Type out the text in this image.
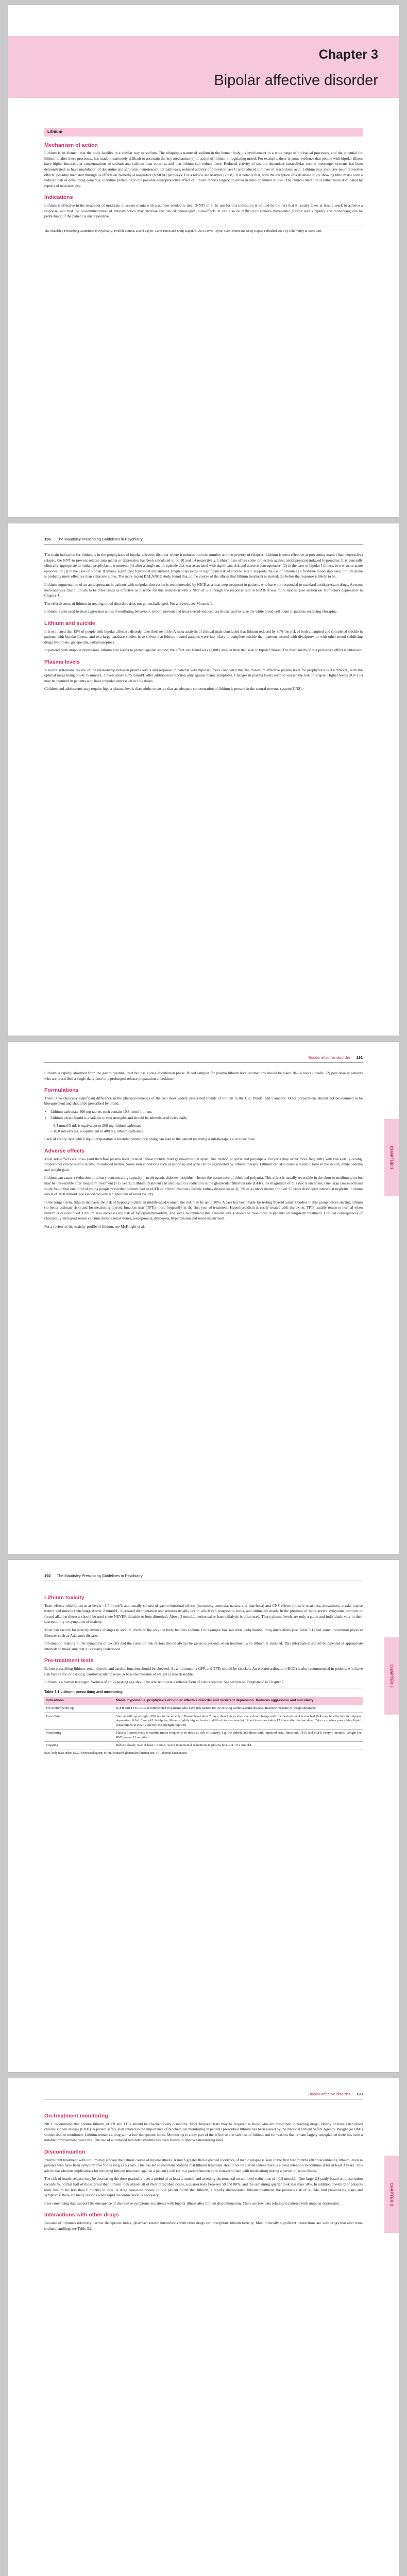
Chapter 3
Bipolar affective disorder
Lithium
Mechanism of action

Lithium is an element that the body handles in a similar way to sodium. The ubiquitous nature of sodium in the human body, its involvement in a wide range of biological processes, and the potential for lithium to alter these processes, has made it extremely difficult to ascertain the key mechanism(s) of action of lithium in regulating mood. For example, there is some evidence that people with bipolar illness have higher intracellular concentrations of sodium and calcium than controls, and that lithium can reduce these. Reduced activity of sodium-dependent intracellular second messenger systems has been demonstrated, as have modulation of dopamine and serotonin neurotransmitter pathways, reduced activity of protein kinase C and reduced turnover of arachidonic acid. Lithium may also have neuroprotective effects, possibly mediated through its effects on N-methyl-D-aspartate (NMDA) pathways. For a review see Marmol (2008). It is notable that, with the exception of a database study showing lithium use with a reduced risk of developing dementia, literature pertaining to the possible neuroprotective effect of lithium reports largely on either in vitro or animal studies. The clinical literature is rather more dominated by reports of neurotoxicity.

Indications

Lithium is effective in the treatment of moderate to severe mania with a number needed to treat (NNT) of 6. Its use for this indication is limited by the fact that it usually takes at least a week to achieve a response, and that the co-administration of antipsychotics may increase the risk of neurological side-effects. It can also be difficult to achieve therapeutic plasma levels rapidly and monitoring can be problematic if the patient is uncooperative.

The Maudsley Prescribing Guidelines in Psychiatry, Twelfth Edition. David Taylor, Carol Paton and Shitij Kapur. © 2015 David Taylor, Carol Paton and Shitij Kapur. Published 2015 by John Wiley & Sons, Ltd.
196 The Maudsley Prescribing Guidelines in Psychiatry

The main indication for lithium is in the prophylaxis of bipolar affective disorder where it reduces both the number and the severity of relapses. Lithium is most effective at preventing manic (than depressive) relapse, the NNT to prevent relapse into mania or depression has been calculated to be 10 and 14 respectively. Lithium also offers some protection against antidepressant-induced hypomania. It is generally clinically appropriate to initiate prophylactic treatment: (1) after a single manic episode that was associated with significant risk and adverse consequences; (2) in the case of bipolar I illness, two or more acute episodes; or (3) in the case of bipolar II illness, significant functional impairment, frequent episodes or significant risk of suicide. NICE supports the use of lithium as a first-line mood stabiliser; lithium alone is probably more effective than valproate alone. The more recent BALANCE study found that, in the course of the illness that lithium treatment is started, the better the response is likely to be.

Lithium augmentation of an antidepressant in patients with unipolar depression is recommended by NICE as a next-step treatment in patients who have not responded to standard antidepressant drugs. A recent meta-analysis found lithium to be three times as effective as placebo for this indication with a NNT of 5, although the response rate in STAR-D was more modest (see section on 'Refractory depression' in Chapter 4).

The effectiveness of lithium in treating mood disorders does not go unchallenged. For a review, see Moncrieff.

Lithium is also used to treat aggression and self-mutilating behaviour, to both prevent and treat steroid-induced psychosis, and to raise the white blood cell count in patients receiving clozapine.

Lithium and suicide

It is estimated that 15% of people with bipolar affective disorder take their own life. A meta-analysis of clinical trials concluded that lithium reduced by 80% the risk of both attempted and completed suicide in patients with bipolar illness, and two large database studies have shown that lithium-treated patients were less likely to complete suicide than patients treated with divalproex or with other mood stabilising drugs (valproate, gabapentin, carbamazepine).

In patients with unipolar depression, lithium also seems to protect against suicide; the effect size found was slightly smaller than that seen in bipolar illness. The mechanism of this protective effect is unknown.

Plasma levels

A recent systematic review of the relationship between plasma levels and response in patients with bipolar illness concluded that the minimum effective plasma level for prophylaxis is 0.4 mmol/L, with the optimal range being 0.6–0.75 mmol/L. Levels above 0.75 mmol/L offer additional protection only against manic symptoms. Changes in plasma levels seem to worsen the risk of relapse. Higher levels (0.8–1.0) may be required in patients who have unipolar depression or low doses.

Children and adolescents may require higher plasma levels than adults to ensure that an adequate concentration of lithium is present in the central nervous system (CNS).

Bipolar affective disorder 191
CHAPTER 3

Lithium is rapidly absorbed from the gastrointestinal tract but has a long distribution phase. Blood samples for plasma lithium level estimations should be taken 10–14 hours (ideally 12) post dose in patients who are prescribed a single daily dose of a prolonged-release preparation at bedtime.

Formulations

There is no clinically significant difference in the pharmacokinetics of the two most widely prescribed brands of lithium in the UK: Priadel and Camcolit. Other preparations should not be assumed to be bioequivalent and should be prescribed by brand.

• Lithium carbonate 400 mg tablets each contain 10.8 mmol lithium.
• Lithium citrate liquid is available in two strengths and should be administered twice daily:
– 5.4 mmol/5 mL is equivalent to 200 mg lithium carbonate
– 10.8 mmol/5 mL is equivalent to 400 mg lithium carbonate.

Lack of clarity over which liquid preparation is intended when prescribing can lead to the patient receiving a sub-therapeutic or toxic dose.

Adverse effects

Most side-effects are dose- (and therefore plasma level) related. These include mild gastro-intestinal upset, fine tremor, polyuria and polydipsia. Polyuria may occur more frequently with twice-daily dosing. Propranolol can be useful in lithium-induced tremor. Some skin conditions such as psoriasis and acne can be aggravated by lithium therapy. Lithium can also cause a metallic taste in the mouth, ankle oedema and weight gain.

Lithium can cause a reduction in urinary concentrating capacity – nephrogenic diabetes insipidus – hence the occurrence of thirst and polyuria. This effect is usually reversible in the short to medium term but may be irreversible after long-term treatment (>15 years). Lithium treatment can also lead to a reduction in the glomerular filtration rate (GFR); the magnitude of this risk is uncertain. One large cross-sectional study found that one third of young people prescribed lithium had an eGFR of <60 mL/minute (chronic kidney disease stage 3); 5% of a cohort treated for over 25 years developed interstitial nephritis. Lithium levels of ≥0.8 mmol/L are associated with a higher risk of renal toxicity.

In the longer term, lithium increases the risk of hypothyroidism; in middle-aged women, the risk may be up to 20%. A case has been made for testing thyroid autoantibodies in this group before starting lithium (to better estimate risk) and for measuring thyroid function tests (TFTs) more frequently in the first year of treatment. Hypothyroidism is easily treated with thyroxine. TFTs usually return to normal when lithium is discontinued. Lithium also increases the risk of hyperparathyroidism, and some recommend that calcium levels should be monitored in patients on long-term treatment. Clinical consequences of chronically increased serum calcium include renal stones, osteoporosis, dyspepsia, hypertension and renal impairment.

For a review of the toxicity profile of lithium, see McKnight et al.

192 The Maudsley Prescribing Guidelines in Psychiatry
CHAPTER 3
Lithium toxicity

Toxic effects reliably occur at levels >1.5 mmol/L and usually consist of gastro-intestinal effects (increasing anorexia, nausea and diarrhoea) and CNS effects (muscle weakness, drowsiness, ataxia, coarse tremor and muscle twitching). Above 2 mmol/L, increased disorientation and seizures usually occur, which can progress to coma, and ultimately death. In the presence of more severe symptoms, osmotic or forced alkaline diuresis should be used (note NEVER thiazide or loop diuretics). Above 3 mmol/L peritoneal or haemodialysis is often used. These plasma levels are only a guide and individuals vary in their susceptibility to symptoms of toxicity.

Most risk factors for toxicity involve changes in sodium levels or the way the body handles sodium. For example low salt diets, dehydration, drug interactions (see Table 3.1) and some uncommon physical illnesses such as Addison's disease.

Information relating to the symptoms of toxicity and the common risk factors should always be given to patients when treatment with lithium is initiated. This information should be repeated at appropriate intervals to make sure that it is clearly understood.

Pre-treatment tests

Before prescribing lithium, renal, thyroid and cardiac function should be checked. As a minimum, a GFR and TFTs should be checked. An electrocardiogram (ECG) is also recommended in patients who have risk factors for, or existing, cardiovascular disease. A baseline measure of weight is also desirable.

Lithium is a human teratogen. Women of child-bearing age should be advised to use a reliable form of contraception. See section on 'Pregnancy' in Chapter 7.

Table 3.1 Lithium: prescribing and monitoring
Indications	Mania, hypomania, prophylaxis of bipolar affective disorder and recurrent depression. Reduces aggression and suicidality
Pre-lithium work-up	eGFR and TFTs. ECG recommended in patients who have risk factors for, or existing cardiovascular disease. Baseline measure of weight desirable
Prescribing	Start at 400 mg at night (200 mg in the elderly). Plasma level after 7 days, then 7 days after every dose change until the desired level is reached (0.4 may be effective in unipolar depression, 0.6–1.0 mmol/L in bipolar illness, slightly higher levels in difficult to treat mania). Blood levels are taken 12 hours after the last dose. Take care when prescribing liquid preparations to clearly specify the strength required
Monitoring	Plasma lithium every 6 months (more frequently in those at risk of toxicity, e.g. the elderly and those with impaired renal function). TFTs and eGFR every 6 months. Weight (or BMI) every 12 months
Stopping	Reduce slowly over at least 1 month. Avoid incremental reductions in plasma levels of >0.2 mmol/L
BMI, body mass index; ECG, electrocardiogram; eGFR, estimated glomerular filtration rate; TFT, thyroid function test.
Bipolar affective disorder 193
CHAPTER 3
On-treatment monitoring

NICE recommend that plasma lithium, eGFR and TFTs should be checked every 6 months. More frequent tests may be required in those who are prescribed interacting drugs, elderly or have established chronic kidney disease (CKD). A patient safety alert related to the importance of biochemical monitoring in patients prescribed lithium has been issued by the National Patient Safety Agency. Weight (or BMI) should also be monitored. Lithium remains a drug with a low therapeutic index. Monitoring is a key part of the effective and safe use of lithium and for reasons that remain largely unexplained there has been a notable improvement over time. The use of automated reminder systems has been shown to improve monitoring rates.

Discontinuation

Intermittent treatment with lithium may worsen the natural course of bipolar illness. A much greater than expected incidence of manic relapse is seen in the first few months after discontinuing lithium, even in patients who have been symptom free for as long as 5 years. This has led to recommendations that lithium treatment should not be started unless there is a clear intention to continue it for at least 3 years. This advice has obvious implications for initiating lithium treatment against a patient's will (or in a patient known to be non-compliant with medication) during a period of acute illness.

The risk of manic relapse may be decreasing the dose gradually over a period of at least a month, and avoiding decremental serum level reductions of >0.2 mmol/L. One large US study based on prescription records found that half of those prescribed lithium took almost all of their prescribed doses, a quarter took between 50 and 80%, and the remaining quarter took less than 50%. In addition one-third of patients took lithium for less than 6 months in total. A large case-note review in one patient found that lithium, a rapidly discontinued lithium treatment, the patient's risk of suicide, and pre-existing signs and symptoms: there are many reasons when rapid discontinuation is necessary.

Less convincing data support the emergence of depressive symptoms in patients with bipolar illness after lithium discontinuation. There are few data relating to patients with unipolar depression.

Interactions with other drugs

Because of lithium's relatively narrow therapeutic index, pharmacokinetic interactions with other drugs can precipitate lithium toxicity. Most clinically significant interactions are with drugs that alter renal sodium handling; see Table 3.2.
